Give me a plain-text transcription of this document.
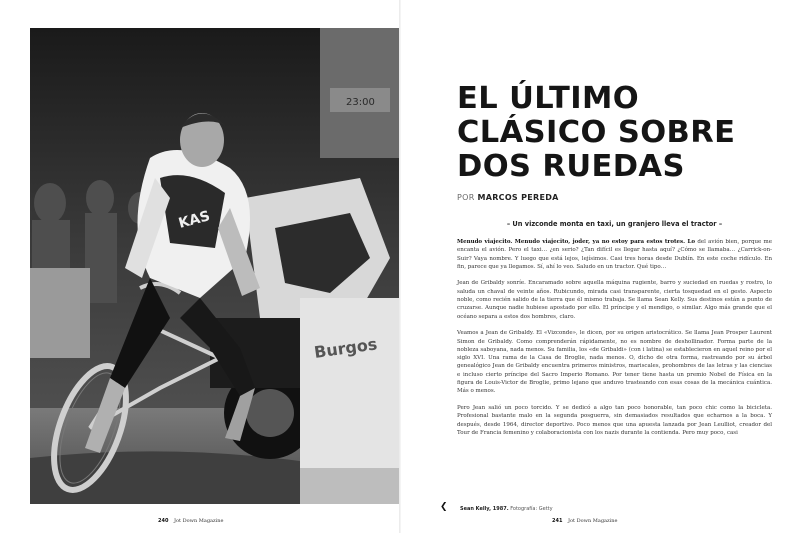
23:00
Burgos
KAS
EL ÚLTIMO
CLÁSICO SOBRE
DOS RUEDAS
POR MARCOS PEREDA
– Un vizconde monta en taxi, un granjero lleva el tractor –

Menudo viajecito. Menudo viajecito, joder, ya no estoy para estos trotes. Lo del avión bien, porque me encanta el avión. Pero el taxi… ¿en serio? ¿Tan difícil es llegar hasta aquí? ¿Cómo se llamaba… ¿Carrick-on-Suir? Vaya nombre. Y luego que está lejos, lejísimos. Casi tres horas desde Dublín. En este coche ridículo. En fin, parece que ya llegamos. Sí, ahí lo veo. Saludo en un tractor. Qué tipo…

Jean de Gribaldy sonríe. Encaramado sobre aquella máquina rugiente, barro y suciedad en ruedas y rostro, lo saluda un chaval de veinte años. Rubicundo, mirada casi transparente, cierta tosquedad en el gesto. Aspecto noble, como recién salido de la tierra que él mismo trabaja. Se llama Sean Kelly. Sus destinos están a punto de cruzarse. Aunque nadie hubiese apostado por ello. El príncipe y el mendigo, o similar. Algo más grande que el océano separa a estos dos hombres, claro.

Veamos a Jean de Gribaldy. El «Vizconde», le dicen, por su origen aristocrático. Se llama Jean Prosper Laurent Simon de Gribaldy. Como comprenderán rápidamente, no es nombre de deshollinador. Forma parte de la nobleza saboyana, nada menos. Su familia, los «de Gribaldi» (con i latina) se establecieron en aquel reino por el siglo XVI. Una rama de la Casa de Broglie, nada menos. O, dicho de otra forma, rastreando por su árbol genealógico Jean de Gribaldy encuentra primeros ministros, mariscales, prohombres de las letras y las ciencias e incluso cierto príncipe del Sacro Imperio Romano. Por tener tiene hasta un premio Nobel de Física en la figura de Louis-Victor de Broglie, primo lejano que anduvo trasteando con esas cosas de la mecánica cuántica. Más o menos.

Pero Jean salió un poco torcido. Y se dedicó a algo tan poco honorable, tan poco chic como la bicicleta. Profesional bastante malo en la segunda posguerra, sin demasiados resultados que echarnos a la boca. Y después, desde 1964, director deportivo. Poco menos que una apuesta lanzada por Jean Leulliot, creador del Tour de Francia femenino y colaboracionista con los nazis durante la contienda. Pero muy poco, casi

❮ Sean Kelly, 1987. Fotografía: Getty
240 Jot Down Magazine	241 Jot Down Magazine
